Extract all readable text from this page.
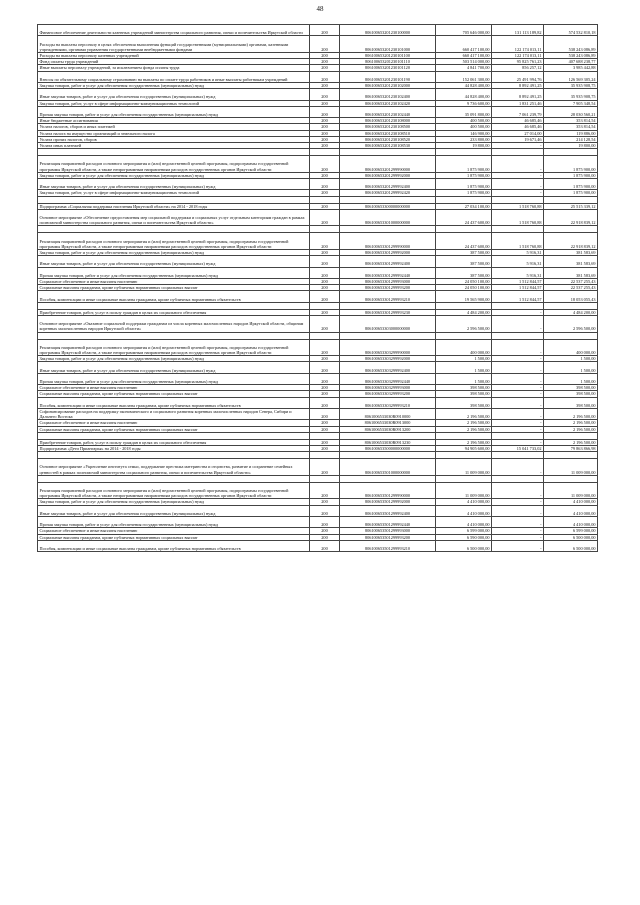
48
Финансовое обеспечение деятельности казенных учреждений министерства социального развития, опеки и попечительства Иркутской области	200	806100653201230100000	705 646 000,00	131 113 189,82	574 532 810,18
Расходы на выплаты персоналу в целях обеспечения выполнения функций государственными (муниципальными) органами, казенными учреждениями, органами управления государственными внебюджетными фондами	200	806100653201230101000	660 417 100,00	122 174 013,11	538 243 086,89
Расходы на выплаты персоналу казенных учреждений	200	806100653201230101100	660 417 100,00	122 174 013,11	538 243 086,89
Фонд оплаты труда учреждений	200	806100653201230101110	503 514 000,00	95 825 761,23	407 688 238,77
Иные выплаты персоналу учреждений, за исключением фонда оплаты труда	200	806100653201230101120	4 841 700,00	856 257,12	3 985 442,88
Взносы по обязательному социальному страхованию на выплаты по оплате труда работников и иные выплаты работникам учреждений	200	806100653201230101190	152 061 300,00	25 491 994,76	126 569 305,24
Закупка товаров, работ и услуг для обеспечения государственных (муниципальных) нужд	200	806100653201230102000	44 828 400,00	8 892 491,25	35 935 908,75
Иные закупки товаров, работ и услуг для обеспечения государственных (муниципальных) нужд	200	806100653201230102400	44 828 400,00	8 892 491,25	35 935 908,75
Закупка товаров, работ, услуг в сфере информационно-коммуникационных технологий	200	806100653201230102420	9 736 600,00	1 831 251,46	7 905 348,54
Прочая закупка товаров, работ и услуг для обеспечения государственных (муниципальных) нужд	200	806100653201230102440	35 091 800,00	7 061 239,79	28 030 560,21
Иные бюджетные ассигнования	200	806100653201230108000	400 500,00	46 685,46	353 814,54
Уплата налогов, сборов и иных платежей	200	806100653201230108500	400 500,00	46 685,46	353 814,54
Уплата налога на имущество организаций и земельного налога	200	806100653201230108510	146 900,00	27 014,00	119 886,00
Уплата прочих налогов, сборов	200	806100653201230108520	233 800,00	19 671,46	214 128,54
Уплата иных платежей	200	806100653201230108530	19 800,00	-	19 800,00

Реализация направлений расходов основного мероприятия и (или) ведомственной целевой программы, подпрограммы государственной программы Иркутской области, а также непрограммным направлениям расходов государственных органов Иркутской области	200	806100653201299990000	1 875 900,00	-	1 875 900,00
Закупка товаров, работ и услуг для обеспечения государственных (муниципальных) нужд	200	806100653201299992000	1 875 900,00	-	1 875 900,00
Иные закупки товаров, работ и услуг для обеспечения государственных (муниципальных) нужд	200	806100653201299992400	1 875 900,00	-	1 875 900,00
Закупка товаров, работ, услуг в сфере информационно-коммуникационных технологий	200	806100653201299992420	1 875 900,00	-	1 875 900,00

Подпрограмма «Социальная поддержка населения Иркутской области» на 2014 - 2018 годы	200	806100653300000000000	27 034 100,00	1 518 760,88	25 515 339,12
Основное мероприятие «Обеспечение предоставления мер социальной поддержки и социальных услуг отдельным категориям граждан в рамках полномочий министерства социального развития, опеки и попечительства Иркутской области»	200	806100653301000000000	24 437 600,00	1 518 760,88	22 918 839,12

Реализация направлений расходов основного мероприятия и (или) ведомственной целевой программы, подпрограммы государственной программы Иркутской области, а также непрограммным направлениям расходов государственных органов Иркутской области	200	806100653301299990000	24 437 600,00	1 518 760,88	22 918 839,12
Закупка товаров, работ и услуг для обеспечения государственных (муниципальных) нужд	200	806100653301299992000	387 500,00	5 916,31	381 583,69
Иные закупки товаров, работ и услуг для обеспечения государственных (муниципальных) нужд	200	806100653301299992400	387 500,00	5 916,31	381 583,69
Прочая закупка товаров, работ и услуг для обеспечения государственных (муниципальных) нужд	200	806100653301299992440	387 500,00	5 916,31	381 583,69
Социальное обеспечение и иные выплаты населению	200	806100653301299993000	24 050 100,00	1 512 844,57	22 537 255,43
Социальные выплаты гражданам, кроме публичных нормативных социальных выплат	200	806100653301299993200	24 050 100,00	1 512 844,57	22 537 255,43
Пособия, компенсации и иные социальные выплаты гражданам, кроме публичных нормативных обязательств	200	806100653301299993210	19 565 900,00	1 512 844,57	18 053 055,43

Приобретение товаров, работ, услуг в пользу граждан в целях их социального обеспечения	200	806100653301299993230	4 484 200,00	-	4 484 200,00
Основное мероприятие «Оказание социальной поддержки гражданам из числа коренных малочисленных народов Иркутской области, общинам коренных малочисленных народов Иркутской области»	200	806100653303000000000	2 596 500,00	-	2 596 500,00

Реализация направлений расходов основного мероприятия и (или) ведомственной целевой программы, подпрограммы государственной программы Иркутской области, а также непрограммным направлениям расходов государственных органов Иркутской области	200	806100653303299990000	400 000,00	-	400 000,00
Закупка товаров, работ и услуг для обеспечения государственных (муниципальных) нужд	200	806100653303299992000	1 500,00	-	1 500,00
Иные закупки товаров, работ и услуг для обеспечения государственных (муниципальных) нужд	200	806100653303299992400	1 500,00	-	1 500,00
Прочая закупка товаров, работ и услуг для обеспечения государственных (муниципальных) нужд	200	806100653303299992440	1 500,00	-	1 500,00
Социальное обеспечение и иные выплаты населению	200	806100653303299993000	398 500,00	-	398 500,00
Социальные выплаты гражданам, кроме публичных нормативных социальных выплат	200	806100653303299993200	398 500,00	-	398 500,00
Пособия, компенсации и иные социальные выплаты гражданам, кроме публичных нормативных обязательств	200	806100653303299993210	398 500,00	-	398 500,00
Софинансирование расходов на поддержку экономического и социального развития коренных малочисленных народов Севера, Сибири и Дальнего Востока	200	80610065330З0R0910000	2 196 500,00	-	2 196 500,00
Социальное обеспечение и иные выплаты населению	200	80610065330З0R0913000	2 196 500,00	-	2 196 500,00
Социальные выплаты гражданам, кроме публичных нормативных социальных выплат	200	80610065330З0R0913200	2 196 500,00	-	2 196 500,00

Приобретение товаров, работ, услуг в пользу граждан в целях их социального обеспечения	200	80610065330З0R0913230	2 196 500,00	-	2 196 500,00
Подпрограмма «Дети Приангарья» на 2014 - 2018 годы	200	806100653500000000000	94 905 600,00	15 041 733,02	79 863 866,98

Основное мероприятие «Укрепление института семьи, поддержание престижа материнства и отцовства, развитие и сохранение семейных ценностей в рамках полномочий министерства социального развития, опеки и попечительства Иркутской области»	200	806100653501000000000	11 009 000,00	-	11 009 000,00

Реализация направлений расходов основного мероприятия и (или) ведомственной целевой программы, подпрограммы государственной программы Иркутской области, а также непрограммным направлениям расходов государственных органов Иркутской области	200	806100653501299990000	11 009 000,00	-	11 009 000,00
Закупка товаров, работ и услуг для обеспечения государственных (муниципальных) нужд	200	806100653501299992000	4 410 000,00	-	4 410 000,00
Иные закупки товаров, работ и услуг для обеспечения государственных (муниципальных) нужд	200	806100653501299992400	4 410 000,00	-	4 410 000,00
Прочая закупка товаров, работ и услуг для обеспечения государственных (муниципальных) нужд	200	806100653501299992440	4 410 000,00	-	4 410 000,00
Социальное обеспечение и иные выплаты населению	200	806100653501299993000	6 599 000,00	-	6 599 000,00
Социальные выплаты гражданам, кроме публичных нормативных социальных выплат	200	806100653501299993200	6 590 000,00	-	6 500 000,00
Пособия, компенсации и иные социальные выплаты гражданам, кроме публичных нормативных обязательств	200	806100653501299993210	6 500 000,00	-	6 500 000,00
